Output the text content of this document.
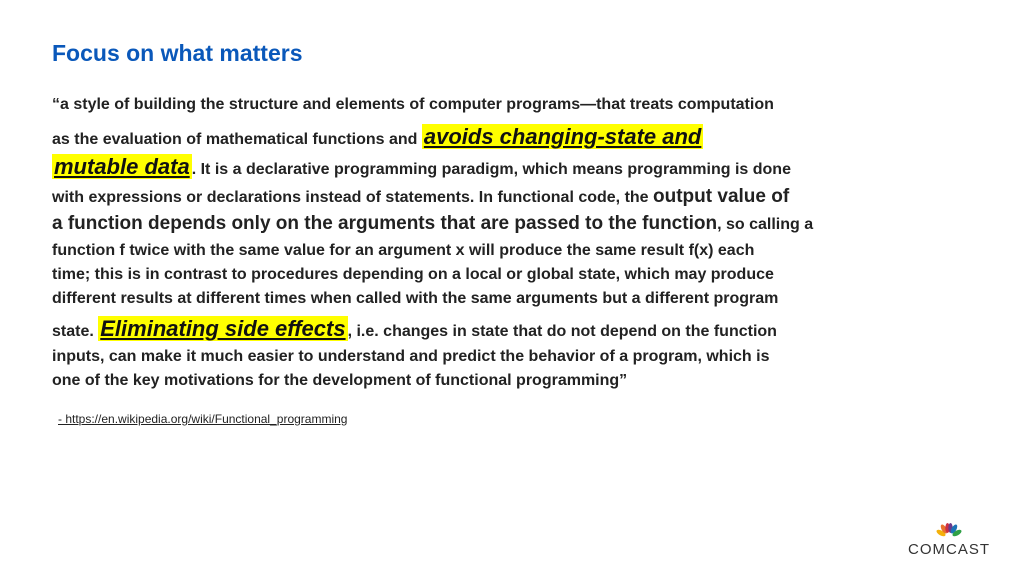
Focus on what matters
“a style of building the structure and elements of computer programs—that treats computation
as the evaluation of mathematical functions and avoids changing-state and
mutable data . It is a declarative programming paradigm, which means programming is done
with expressions or declarations instead of statements. In functional code, the output value of
a function depends only on the arguments that are passed to the function, so calling a
function f twice with the same value for an argument x will produce the same result f(x) each
time; this is in contrast to procedures depending on a local or global state, which may produce
different results at different times when called with the same arguments but a different program
state. Eliminating side effects , i.e. changes in state that do not depend on the function
inputs, can make it much easier to understand and predict the behavior of a program, which is
one of the key motivations for the development of functional programming”
- https://en.wikipedia.org/wiki/Functional_programming
COMCAST
